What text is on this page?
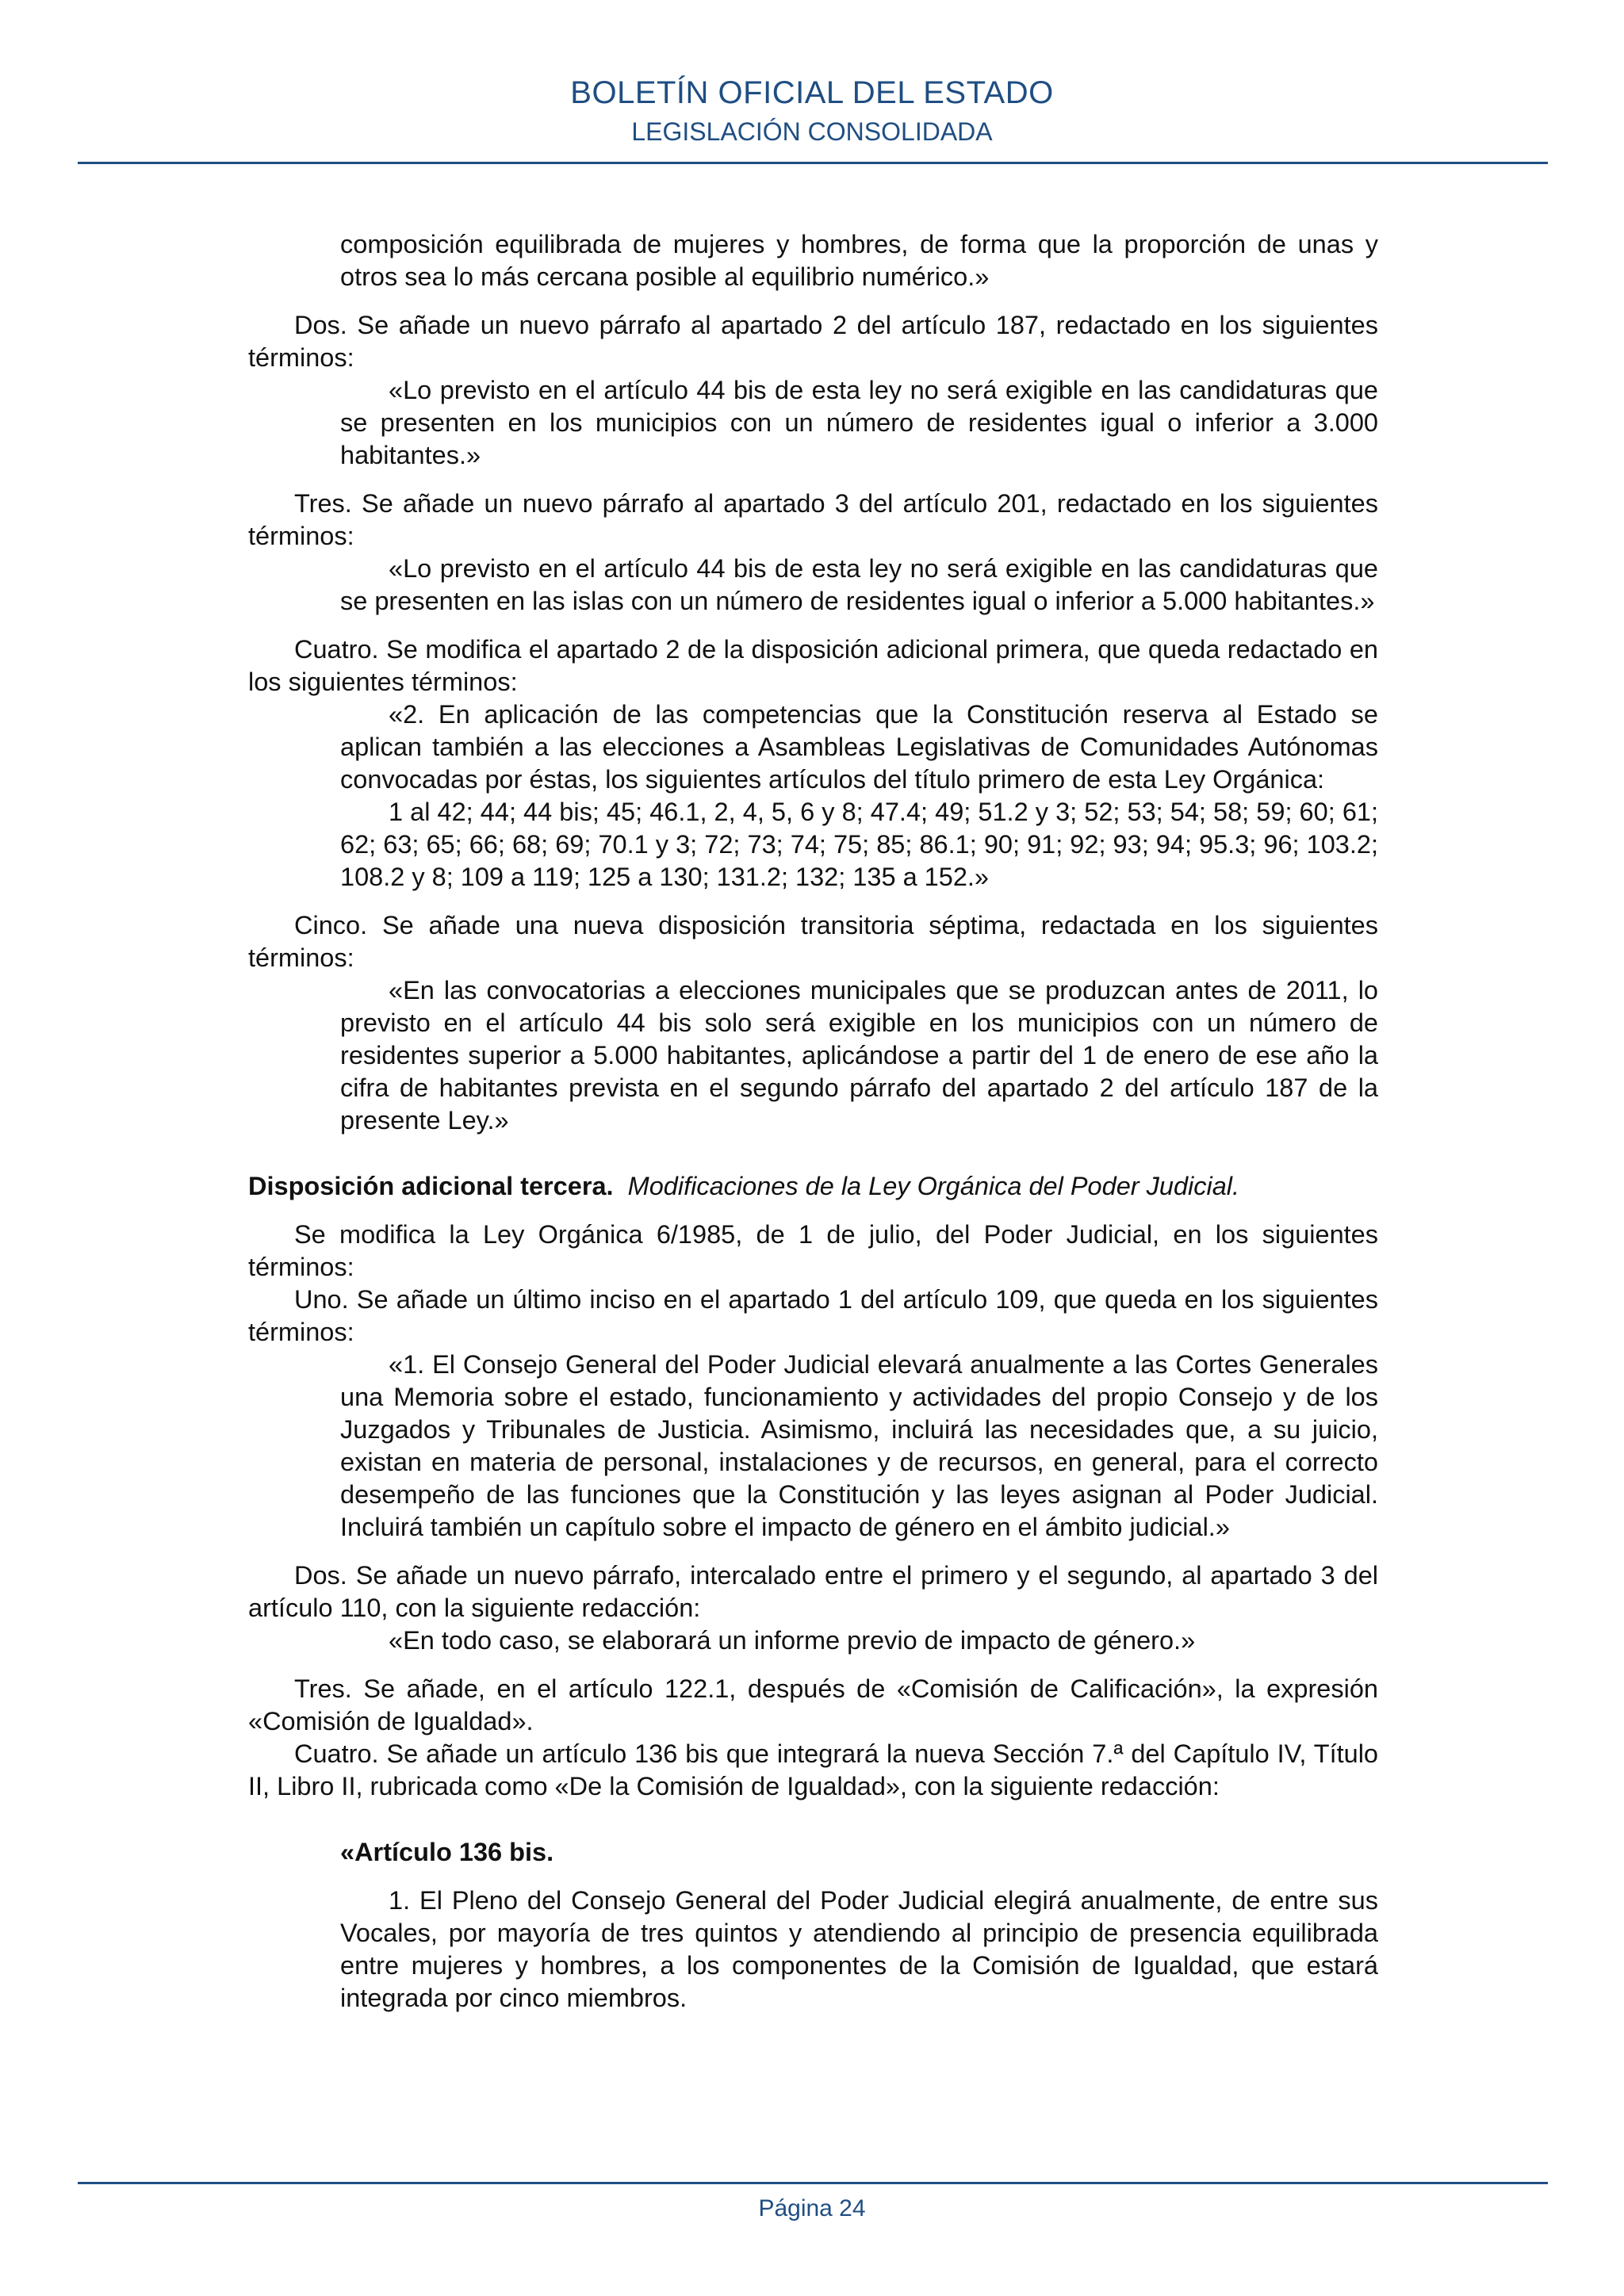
BOLETÍN OFICIAL DEL ESTADO
LEGISLACIÓN CONSOLIDADA

composición equilibrada de mujeres y hombres, de forma que la proporción de unas y otros sea lo más cercana posible al equilibrio numérico.»

Dos. Se añade un nuevo párrafo al apartado 2 del artículo 187, redactado en los siguientes términos:

«Lo previsto en el artículo 44 bis de esta ley no será exigible en las candidaturas que se presenten en los municipios con un número de residentes igual o inferior a 3.000 habitantes.»

Tres. Se añade un nuevo párrafo al apartado 3 del artículo 201, redactado en los siguientes términos:

«Lo previsto en el artículo 44 bis de esta ley no será exigible en las candidaturas que se presenten en las islas con un número de residentes igual o inferior a 5.000 habitantes.»

Cuatro. Se modifica el apartado 2 de la disposición adicional primera, que queda redactado en los siguientes términos:

«2. En aplicación de las competencias que la Constitución reserva al Estado se aplican también a las elecciones a Asambleas Legislativas de Comunidades Autónomas convocadas por éstas, los siguientes artículos del título primero de esta Ley Orgánica:

1 al 42; 44; 44 bis; 45; 46.1, 2, 4, 5, 6 y 8; 47.4; 49; 51.2 y 3; 52; 53; 54; 58; 59; 60; 61; 62; 63; 65; 66; 68; 69; 70.1 y 3; 72; 73; 74; 75; 85; 86.1; 90; 91; 92; 93; 94; 95.3; 96; 103.2; 108.2 y 8; 109 a 119; 125 a 130; 131.2; 132; 135 a 152.»

Cinco. Se añade una nueva disposición transitoria séptima, redactada en los siguientes términos:

«En las convocatorias a elecciones municipales que se produzcan antes de 2011, lo previsto en el artículo 44 bis solo será exigible en los municipios con un número de residentes superior a 5.000 habitantes, aplicándose a partir del 1 de enero de ese año la cifra de habitantes prevista en el segundo párrafo del apartado 2 del artículo 187 de la presente Ley.»

Disposición adicional tercera. Modificaciones de la Ley Orgánica del Poder Judicial.

Se modifica la Ley Orgánica 6/1985, de 1 de julio, del Poder Judicial, en los siguientes términos:

Uno. Se añade un último inciso en el apartado 1 del artículo 109, que queda en los siguientes términos:

«1. El Consejo General del Poder Judicial elevará anualmente a las Cortes Generales una Memoria sobre el estado, funcionamiento y actividades del propio Consejo y de los Juzgados y Tribunales de Justicia. Asimismo, incluirá las necesidades que, a su juicio, existan en materia de personal, instalaciones y de recursos, en general, para el correcto desempeño de las funciones que la Constitución y las leyes asignan al Poder Judicial. Incluirá también un capítulo sobre el impacto de género en el ámbito judicial.»

Dos. Se añade un nuevo párrafo, intercalado entre el primero y el segundo, al apartado 3 del artículo 110, con la siguiente redacción:

«En todo caso, se elaborará un informe previo de impacto de género.»

Tres. Se añade, en el artículo 122.1, después de «Comisión de Calificación», la expresión «Comisión de Igualdad».

Cuatro. Se añade un artículo 136 bis que integrará la nueva Sección 7.ª del Capítulo IV, Título II, Libro II, rubricada como «De la Comisión de Igualdad», con la siguiente redacción:

«Artículo 136 bis.

1. El Pleno del Consejo General del Poder Judicial elegirá anualmente, de entre sus Vocales, por mayoría de tres quintos y atendiendo al principio de presencia equilibrada entre mujeres y hombres, a los componentes de la Comisión de Igualdad, que estará integrada por cinco miembros.

Página 24
